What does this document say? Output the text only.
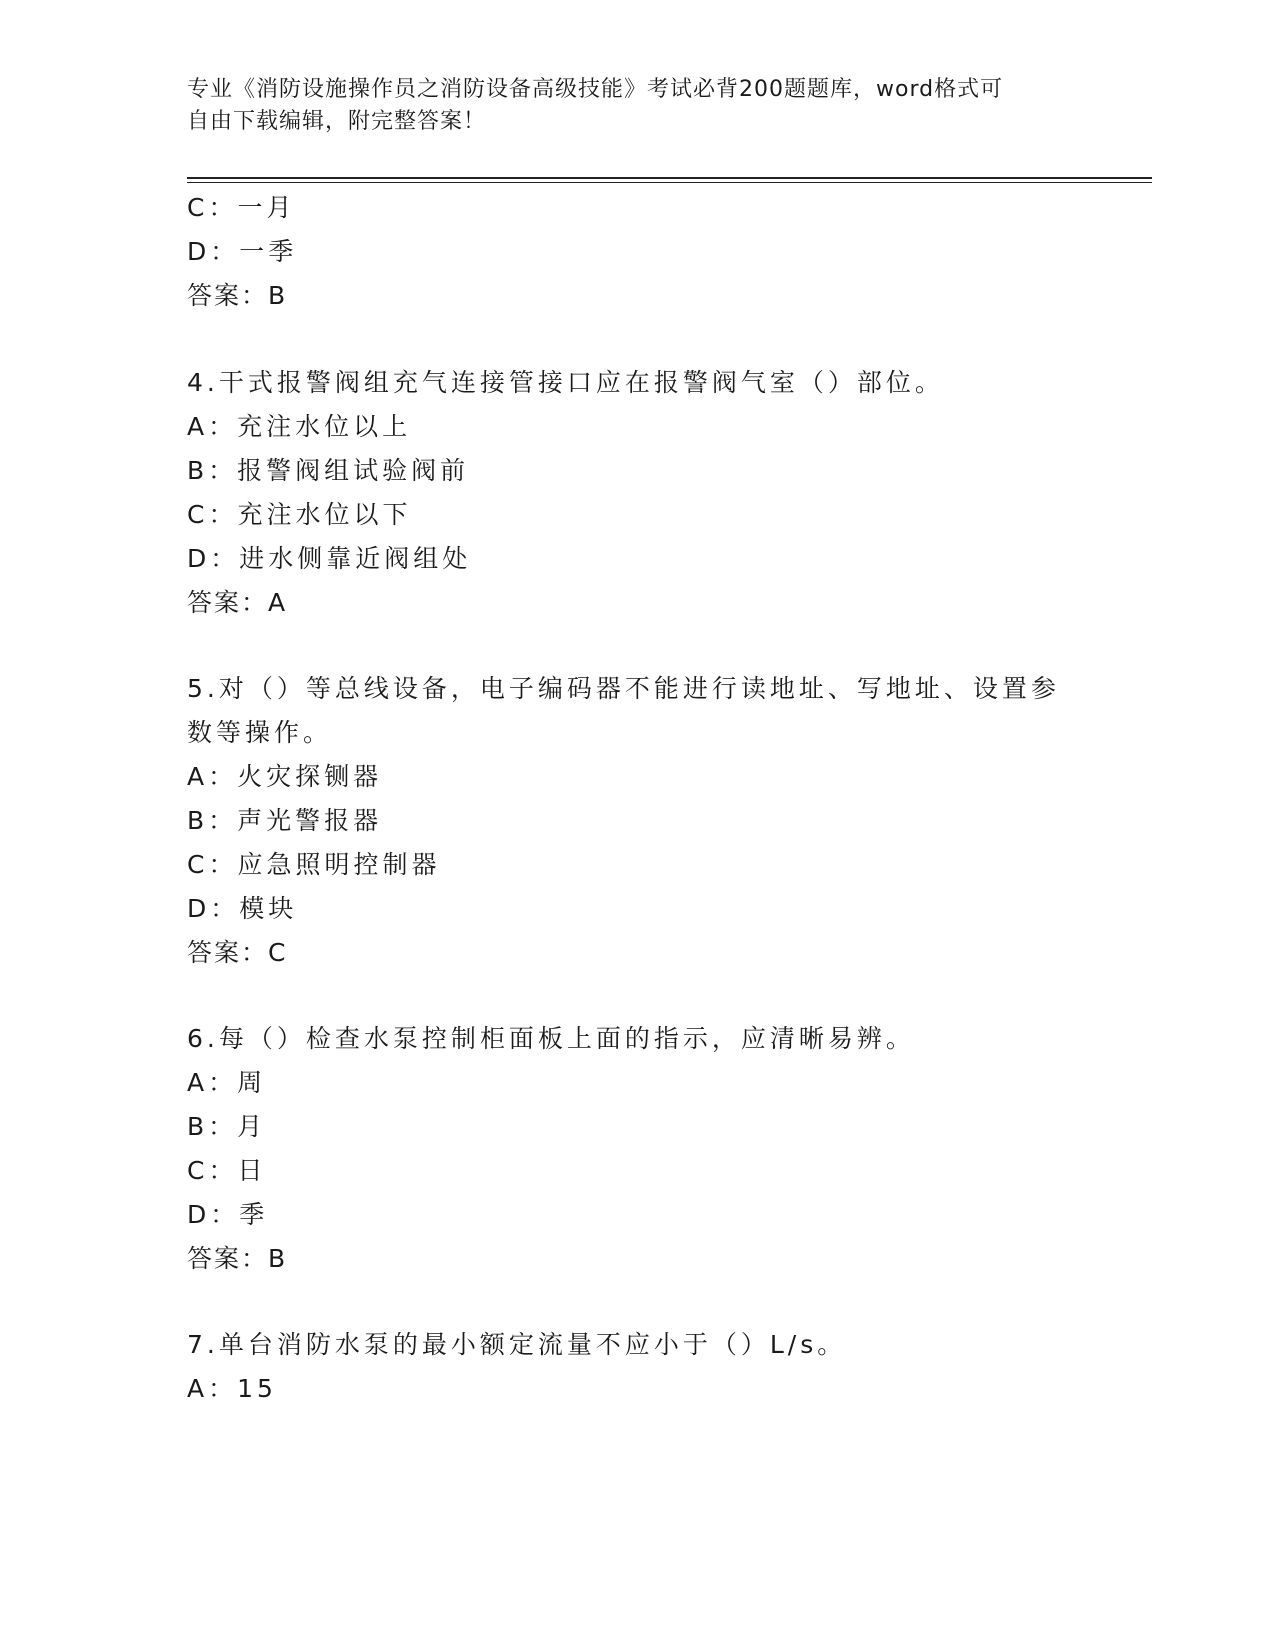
专业《消防设施操作员之消防设备高级技能》考试必背200题题库，word格式可
自由下载编辑，附完整答案！
C：一月
D：一季
答案：B
4.干式报警阀组充气连接管接口应在报警阀气室（）部位。
A：充注水位以上
B：报警阀组试验阀前
C：充注水位以下
D：进水侧靠近阀组处
答案：A
5.对（）等总线设备，电子编码器不能进行读地址、写地址、设置参
数等操作。
A：火灾探铡器
B：声光警报器
C：应急照明控制器
D：模块
答案：C
6.每（）检查水泵控制柜面板上面的指示，应清晰易辨。
A：周
B：月
C：日
D：季
答案：B
7.单台消防水泵的最小额定流量不应小于（）L/s。
A：15
